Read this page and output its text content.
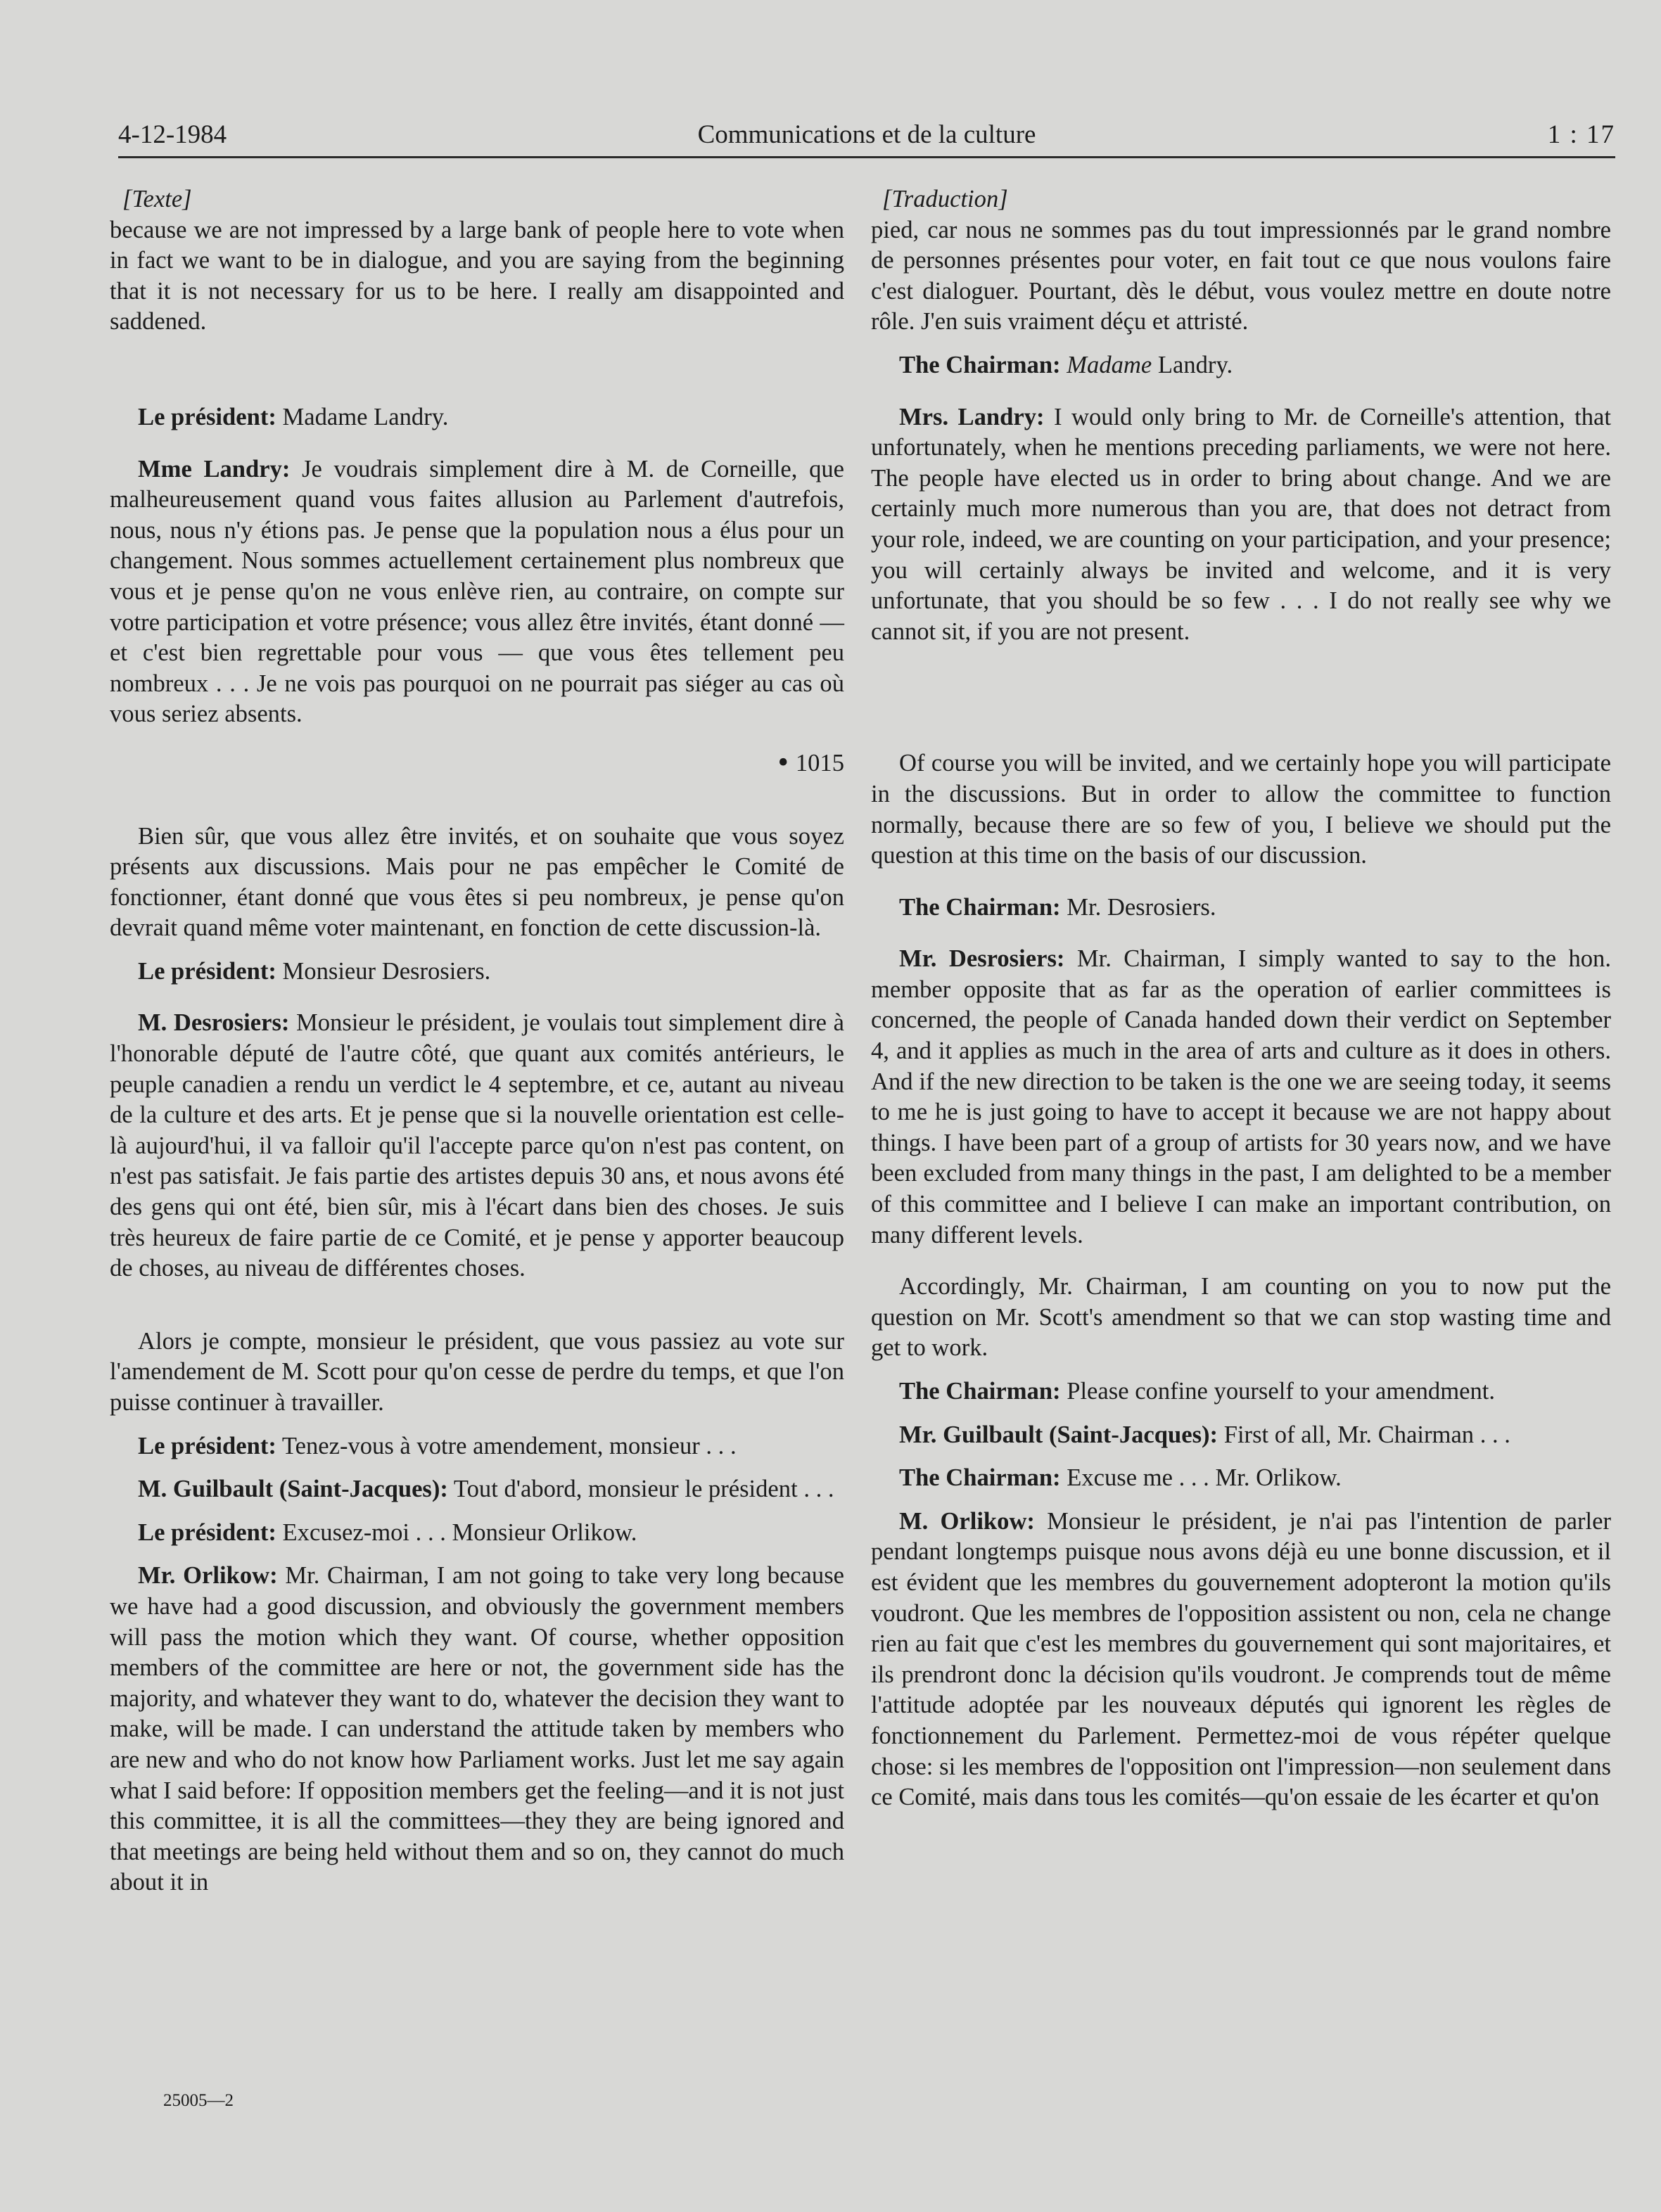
4-12-1984	Communications et de la culture	1 : 17

[Texte]

because we are not impressed by a large bank of people here to vote when in fact we want to be in dialogue, and you are saying from the beginning that it is not necessary for us to be here. I really am disappointed and saddened.

Le président: Madame Landry.

Mme Landry: Je voudrais simplement dire à M. de Corneille, que malheureusement quand vous faites allusion au Parlement d'autrefois, nous, nous n'y étions pas. Je pense que la population nous a élus pour un changement. Nous sommes actuellement certainement plus nombreux que vous et je pense qu'on ne vous enlève rien, au contraire, on compte sur votre participation et votre présence; vous allez être invités, étant donné — et c'est bien regrettable pour vous — que vous êtes tellement peu nombreux . . . Je ne vois pas pourquoi on ne pourrait pas siéger au cas où vous seriez absents.

• 1015

Bien sûr, que vous allez être invités, et on souhaite que vous soyez présents aux discussions. Mais pour ne pas empêcher le Comité de fonctionner, étant donné que vous êtes si peu nombreux, je pense qu'on devrait quand même voter maintenant, en fonction de cette discussion-là.

Le président: Monsieur Desrosiers.

M. Desrosiers: Monsieur le président, je voulais tout simplement dire à l'honorable député de l'autre côté, que quant aux comités antérieurs, le peuple canadien a rendu un verdict le 4 septembre, et ce, autant au niveau de la culture et des arts. Et je pense que si la nouvelle orientation est celle-là aujourd'hui, il va falloir qu'il l'accepte parce qu'on n'est pas content, on n'est pas satisfait. Je fais partie des artistes depuis 30 ans, et nous avons été des gens qui ont été, bien sûr, mis à l'écart dans bien des choses. Je suis très heureux de faire partie de ce Comité, et je pense y apporter beaucoup de choses, au niveau de différentes choses.

Alors je compte, monsieur le président, que vous passiez au vote sur l'amendement de M. Scott pour qu'on cesse de perdre du temps, et que l'on puisse continuer à travailler.

Le président: Tenez-vous à votre amendement, monsieur . . .

M. Guilbault (Saint-Jacques): Tout d'abord, monsieur le président . . .

Le président: Excusez-moi . . . Monsieur Orlikow.

Mr. Orlikow: Mr. Chairman, I am not going to take very long because we have had a good discussion, and obviously the government members will pass the motion which they want. Of course, whether opposition members of the committee are here or not, the government side has the majority, and whatever they want to do, whatever the decision they want to make, will be made. I can understand the attitude taken by members who are new and who do not know how Parliament works. Just let me say again what I said before: If opposition members get the feeling—and it is not just this committee, it is all the committees—they they are being ignored and that meetings are being held without them and so on, they cannot do much about it in

[Traduction]

pied, car nous ne sommes pas du tout impressionnés par le grand nombre de personnes présentes pour voter, en fait tout ce que nous voulons faire c'est dialoguer. Pourtant, dès le début, vous voulez mettre en doute notre rôle. J'en suis vraiment déçu et attristé.

The Chairman: Madame Landry.

Mrs. Landry: I would only bring to Mr. de Corneille's attention, that unfortunately, when he mentions preceding parliaments, we were not here. The people have elected us in order to bring about change. And we are certainly much more numerous than you are, that does not detract from your role, indeed, we are counting on your participation, and your presence; you will certainly always be invited and welcome, and it is very unfortunate, that you should be so few . . . I do not really see why we cannot sit, if you are not present.

Of course you will be invited, and we certainly hope you will participate in the discussions. But in order to allow the committee to function normally, because there are so few of you, I believe we should put the question at this time on the basis of our discussion.

The Chairman: Mr. Desrosiers.

Mr. Desrosiers: Mr. Chairman, I simply wanted to say to the hon. member opposite that as far as the operation of earlier committees is concerned, the people of Canada handed down their verdict on September 4, and it applies as much in the area of arts and culture as it does in others. And if the new direction to be taken is the one we are seeing today, it seems to me he is just going to have to accept it because we are not happy about things. I have been part of a group of artists for 30 years now, and we have been excluded from many things in the past, I am delighted to be a member of this committee and I believe I can make an important contribution, on many different levels.

Accordingly, Mr. Chairman, I am counting on you to now put the question on Mr. Scott's amendment so that we can stop wasting time and get to work.

The Chairman: Please confine yourself to your amendment.

Mr. Guilbault (Saint-Jacques): First of all, Mr. Chairman . . .

The Chairman: Excuse me . . . Mr. Orlikow.

M. Orlikow: Monsieur le président, je n'ai pas l'intention de parler pendant longtemps puisque nous avons déjà eu une bonne discussion, et il est évident que les membres du gouvernement adopteront la motion qu'ils voudront. Que les membres de l'opposition assistent ou non, cela ne change rien au fait que c'est les membres du gouvernement qui sont majoritaires, et ils prendront donc la décision qu'ils voudront. Je comprends tout de même l'attitude adoptée par les nouveaux députés qui ignorent les règles de fonctionnement du Parlement. Permettez-moi de vous répéter quelque chose: si les membres de l'opposition ont l'impression—non seulement dans ce Comité, mais dans tous les comités—qu'on essaie de les écarter et qu'on

25005—2
